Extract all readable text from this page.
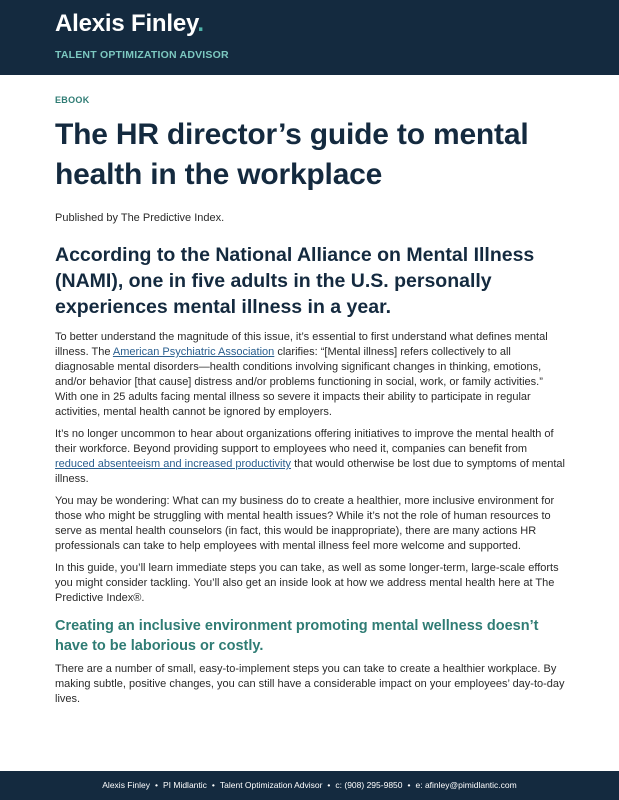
Alexis Finley.
TALENT OPTIMIZATION ADVISOR
EBOOK
The HR director’s guide to mental health in the workplace
Published by The Predictive Index.
According to the National Alliance on Mental Illness (NAMI), one in five adults in the U.S. personally experiences mental illness in a year.

To better understand the magnitude of this issue, it’s essential to first understand what defines mental illness. The American Psychiatric Association clarifies: “[Mental illness] refers collectively to all diagnosable mental disorders—health conditions involving significant changes in thinking, emotions, and/or behavior [that cause] distress and/or problems functioning in social, work, or family activities.” With one in 25 adults facing mental illness so severe it impacts their ability to participate in regular activities, mental health cannot be ignored by employers.

It’s no longer uncommon to hear about organizations offering initiatives to improve the mental health of their workforce. Beyond providing support to employees who need it, companies can benefit from reduced absenteeism and increased productivity that would otherwise be lost due to symptoms of mental illness.

You may be wondering: What can my business do to create a healthier, more inclusive environment for those who might be struggling with mental health issues? While it’s not the role of human resources to serve as mental health counselors (in fact, this would be inappropriate), there are many actions HR professionals can take to help employees with mental illness feel more welcome and supported.

In this guide, you’ll learn immediate steps you can take, as well as some longer-term, large-scale efforts you might consider tackling. You’ll also get an inside look at how we address mental health here at The Predictive Index®.

Creating an inclusive environment promoting mental wellness doesn’t have to be laborious or costly.

There are a number of small, easy-to-implement steps you can take to create a healthier workplace. By making subtle, positive changes, you can still have a considerable impact on your employees’ day-to-day lives.

Alexis Finley • PI Midlantic • Talent Optimization Advisor • c: (908) 295-9850 • e: afinley@pimidlantic.com
